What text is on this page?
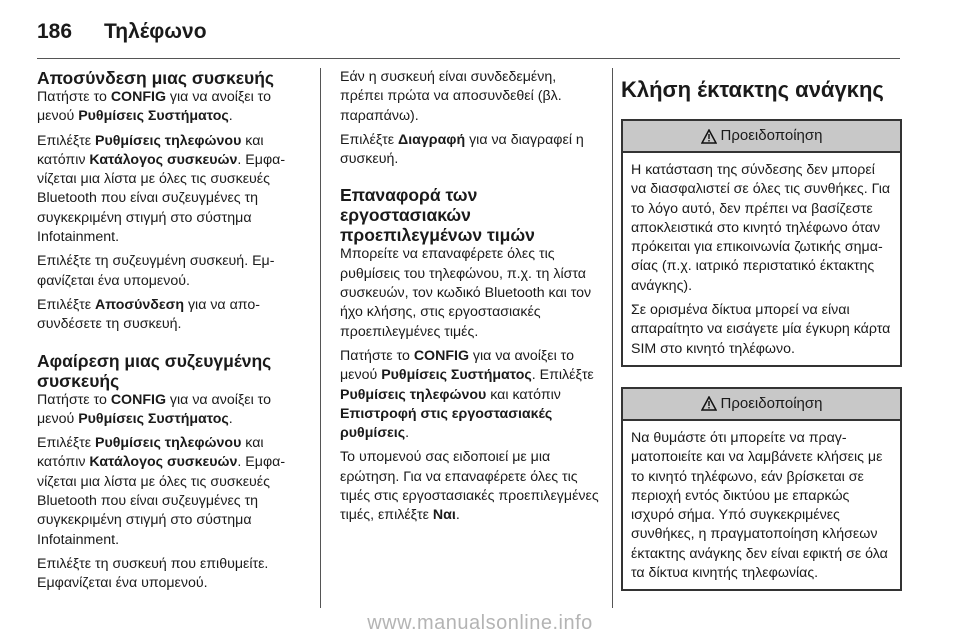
186 Τηλέφωνο
Αποσύνδεση μιας συσκευής

Πατήστε το CONFIG για να ανοίξει το μενού Ρυθμίσεις Συστήματος.

Επιλέξτε Ρυθμίσεις τηλεφώνου και κατόπιν Κατάλογος συσκευών. Εμφανίζεται μια λίστα με όλες τις συσκευές Bluetooth που είναι συζευγμένες τη συγκεκριμένη στιγμή στο σύστημα Infotainment.

Επιλέξτε τη συζευγμένη συσκευή. Εμφανίζεται ένα υπομενού.

Επιλέξτε Αποσύνδεση για να αποσυνδέσετε τη συσκευή.

Αφαίρεση μιας συζευγμένης συσκευής

Πατήστε το CONFIG για να ανοίξει το μενού Ρυθμίσεις Συστήματος.

Επιλέξτε Ρυθμίσεις τηλεφώνου και κατόπιν Κατάλογος συσκευών. Εμφανίζεται μια λίστα με όλες τις συσκευές Bluetooth που είναι συζευγμένες τη συγκεκριμένη στιγμή στο σύστημα Infotainment.

Επιλέξτε τη συσκευή που επιθυμείτε. Εμφανίζεται ένα υπομενού.

Εάν η συσκευή είναι συνδεδεμένη, πρέπει πρώτα να αποσυνδεθεί (βλ. παραπάνω).

Επιλέξτε Διαγραφή για να διαγραφεί η συσκευή.

Επαναφορά των εργοστασιακών προεπιλεγμένων τιμών

Μπορείτε να επαναφέρετε όλες τις ρυθμίσεις του τηλεφώνου, π.χ. τη λίστα συσκευών, τον κωδικό Bluetooth και τον ήχο κλήσης, στις εργοστασιακές προεπιλεγμένες τιμές.

Πατήστε το CONFIG για να ανοίξει το μενού Ρυθμίσεις Συστήματος. Επιλέξτε Ρυθμίσεις τηλεφώνου και κατόπιν Επιστροφή στις εργοστασιακές ρυθμίσεις.

Το υπομενού σας ειδοποιεί με μια ερώτηση. Για να επαναφέρετε όλες τις τιμές στις εργοστασιακές προεπιλεγμένες τιμές, επιλέξτε Ναι.

Κλήση έκτακτης ανάγκης
Προειδοποίηση

Η κατάσταση της σύνδεσης δεν μπορεί να διασφαλιστεί σε όλες τις συνθήκες. Για το λόγο αυτό, δεν πρέπει να βασίζεστε αποκλειστικά στο κινητό τηλέφωνο όταν πρόκειται για επικοινωνία ζωτικής σημασίας (π.χ. ιατρικό περιστατικό έκτακτης ανάγκης).

Σε ορισμένα δίκτυα μπορεί να είναι απαραίτητο να εισάγετε μία έγκυρη κάρτα SIM στο κινητό τηλέφωνο.

Προειδοποίηση

Να θυμάστε ότι μπορείτε να πραγματοποιείτε και να λαμβάνετε κλήσεις με το κινητό τηλέφωνο, εάν βρίσκεται σε περιοχή εντός δικτύου με επαρκώς ισχυρό σήμα. Υπό συγκεκριμένες συνθήκες, η πραγματοποίηση κλήσεων έκτακτης ανάγκης δεν είναι εφικτή σε όλα τα δίκτυα κινητής τηλεφωνίας.

www.manualsonline.info
